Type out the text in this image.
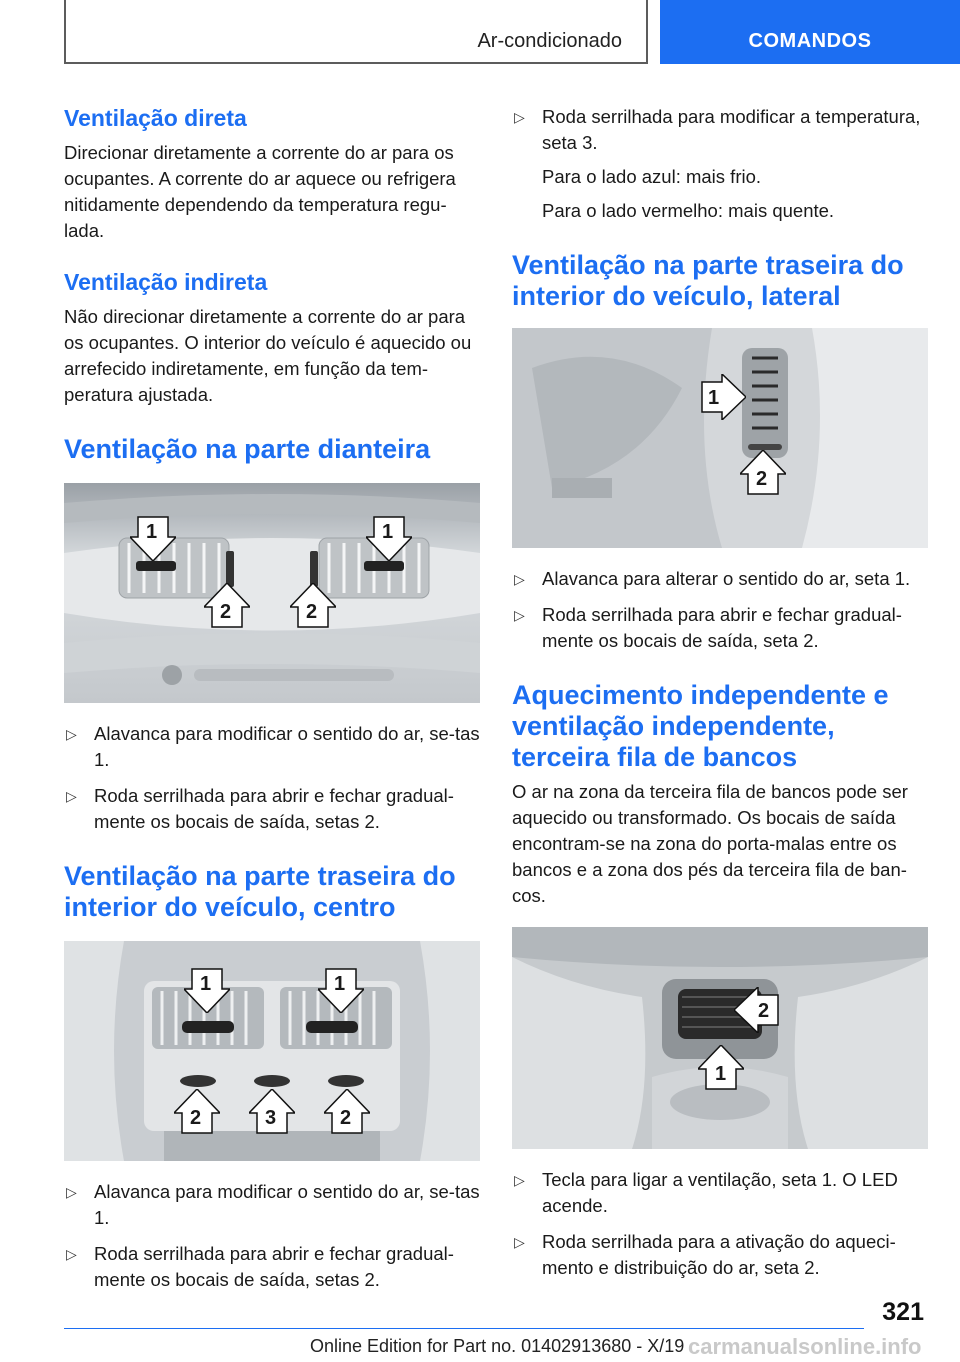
Ar-condicionado	COMANDOS
Ventilação direta

Direcionar diretamente a corrente do ar para os ocupantes. A corrente do ar aquece ou refrigera nitidamente dependendo da temperatura regu-lada.

Ventilação indireta

Não direcionar diretamente a corrente do ar para os ocupantes. O interior do veículo é aquecido ou arrefecido indiretamente, em função da tem-peratura ajustada.

Ventilação na parte dianteira
1	1
2	2
▷ Alavanca para modificar o sentido do ar, se-tas 1.
▷ Roda serrilhada para abrir e fechar gradual-mente os bocais de saída, setas 2.
Ventilação na parte traseira do interior do veículo, centro
1	1
2	3	2
▷ Alavanca para modificar o sentido do ar, se-tas 1.
▷ Roda serrilhada para abrir e fechar gradual-mente os bocais de saída, setas 2.
▷ Roda serrilhada para modificar a temperatura, seta 3.

Para o lado azul: mais frio.

Para o lado vermelho: mais quente.

Ventilação na parte traseira do interior do veículo, lateral
1
2
▷ Alavanca para alterar o sentido do ar, seta 1.
▷ Roda serrilhada para abrir e fechar gradual-mente os bocais de saída, seta 2.
Aquecimento independente e ventilação independente, terceira fila de bancos

O ar na zona da terceira fila de bancos pode ser aquecido ou transformado. Os bocais de saída encontram-se na zona do porta-malas entre os bancos e a zona dos pés da terceira fila de ban-cos.

2
1
▷ Tecla para ligar a ventilação, seta 1. O LED acende.
▷ Roda serrilhada para a ativação do aqueci-mento e distribuição do ar, seta 2.
321
Online Edition for Part no. 01402913680 - X/19 carmanualsonline.info
